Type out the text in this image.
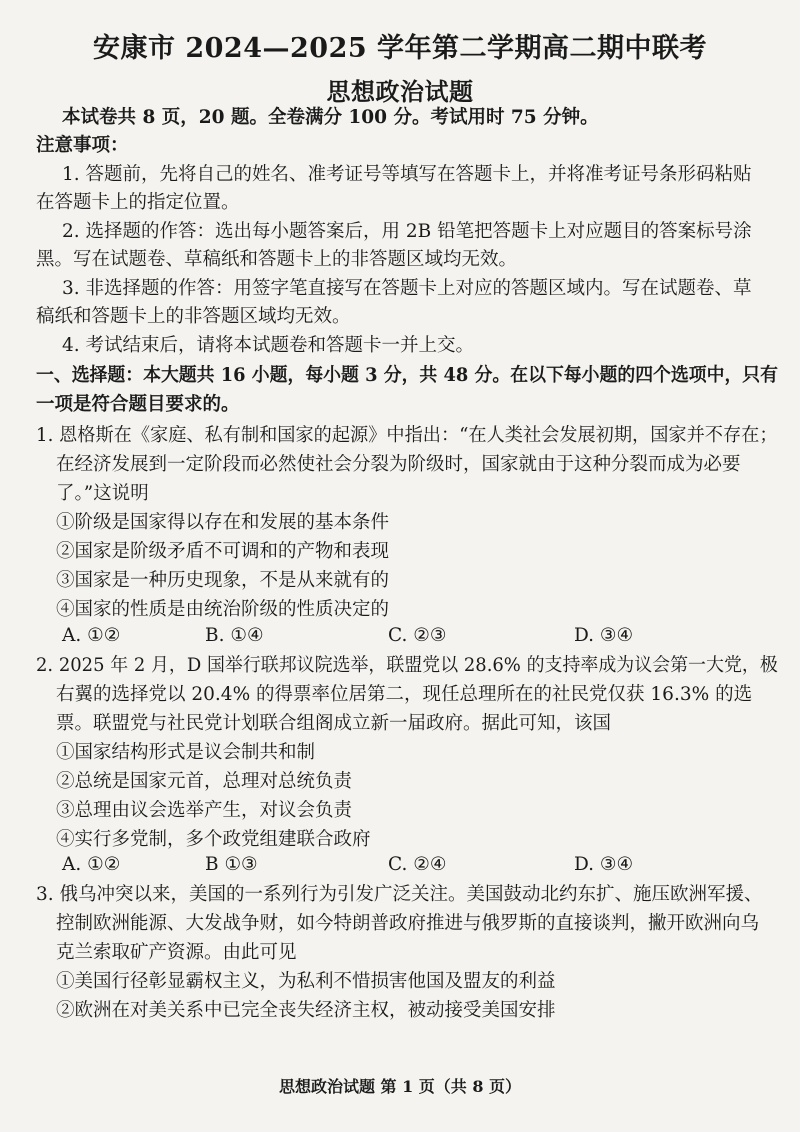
安康市 2024—2025 学年第二学期高二期中联考
思想政治试题
本试卷共 8 页，20 题。全卷满分 100 分。考试用时 75 分钟。
注意事项：
1. 答题前，先将自己的姓名、准考证号等填写在答题卡上，并将准考证号条形码粘贴
在答题卡上的指定位置。
2. 选择题的作答：选出每小题答案后，用 2B 铅笔把答题卡上对应题目的答案标号涂
黑。写在试题卷、草稿纸和答题卡上的非答题区域均无效。
3. 非选择题的作答：用签字笔直接写在答题卡上对应的答题区域内。写在试题卷、草
稿纸和答题卡上的非答题区域均无效。
4. 考试结束后，请将本试题卷和答题卡一并上交。
一、选择题：本大题共 16 小题，每小题 3 分，共 48 分。在以下每小题的四个选项中，只有
一项是符合题目要求的。
1. 恩格斯在《家庭、私有制和国家的起源》中指出：“在人类社会发展初期，国家并不存在；
在经济发展到一定阶段而必然使社会分裂为阶级时，国家就由于这种分裂而成为必要
了。”这说明
①阶级是国家得以存在和发展的基本条件
②国家是阶级矛盾不可调和的产物和表现
③国家是一种历史现象，不是从来就有的
④国家的性质是由统治阶级的性质决定的
A. ①②	B. ①④	C. ②③	D. ③④
2. 2025 年 2 月，D 国举行联邦议院选举，联盟党以 28.6% 的支持率成为议会第一大党，极
右翼的选择党以 20.4% 的得票率位居第二，现任总理所在的社民党仅获 16.3% 的选
票。联盟党与社民党计划联合组阁成立新一届政府。据此可知，该国
①国家结构形式是议会制共和制
②总统是国家元首，总理对总统负责
③总理由议会选举产生，对议会负责
④实行多党制，多个政党组建联合政府
A. ①②	B ①③	C. ②④	D. ③④
3. 俄乌冲突以来，美国的一系列行为引发广泛关注。美国鼓动北约东扩、施压欧洲军援、
控制欧洲能源、大发战争财，如今特朗普政府推进与俄罗斯的直接谈判，撇开欧洲向乌
克兰索取矿产资源。由此可见
①美国行径彰显霸权主义，为私利不惜损害他国及盟友的利益
②欧洲在对美关系中已完全丧失经济主权，被动接受美国安排
思想政治试题 第 1 页（共 8 页）
